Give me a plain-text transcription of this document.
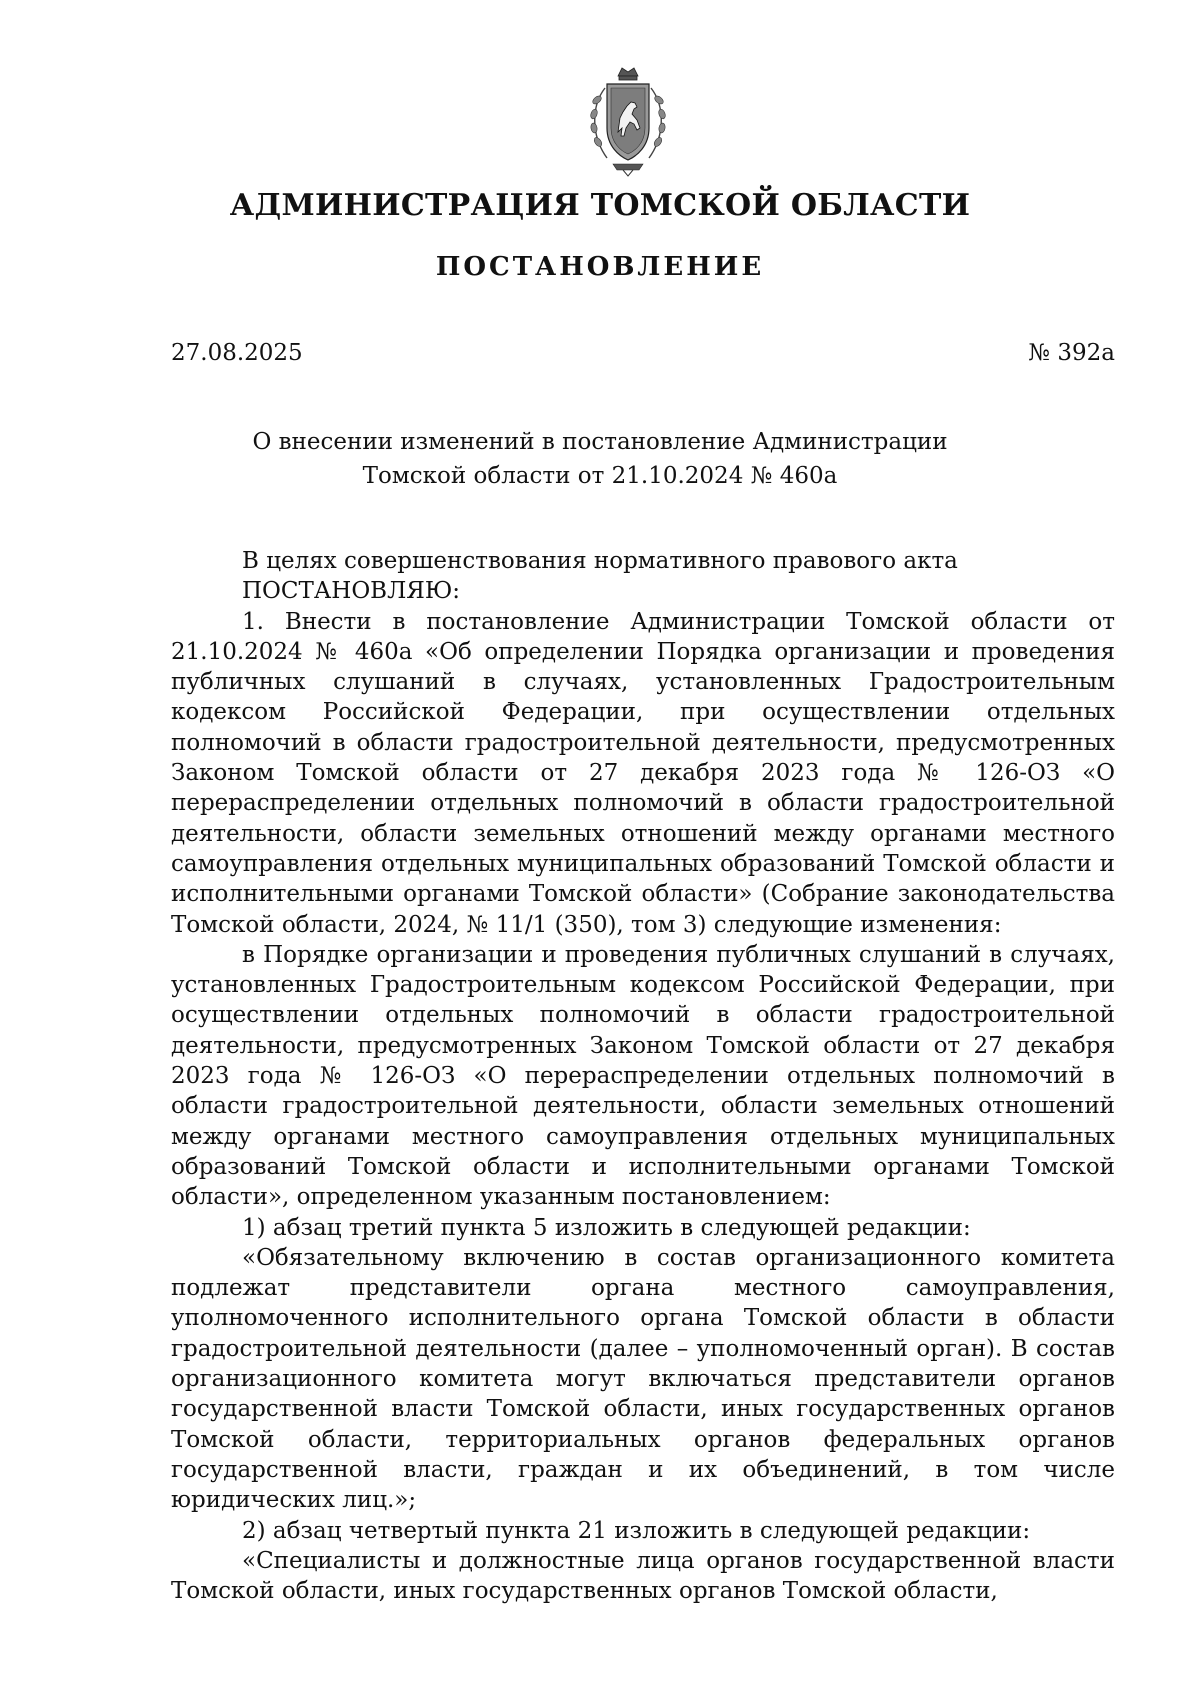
АДМИНИСТРАЦИЯ ТОМСКОЙ ОБЛАСТИ
ПОСТАНОВЛЕНИЕ
27.08.2025	№ 392а
О внесении изменений в постановление Администрации
Томской области от 21.10.2024 № 460а

В целях совершенствования нормативного правового акта

ПОСТАНОВЛЯЮ:

1. Внести в постановление Администрации Томской области от 21.10.2024 № 460а «Об определении Порядка организации и проведения публичных слушаний в случаях, установленных Градостроительным кодексом Российской Федерации, при осуществлении отдельных полномочий в области градостроительной деятельности, предусмотренных Законом Томской области от 27 декабря 2023 года № 126-ОЗ «О перераспределении отдельных полномочий в области градостроительной деятельности, области земельных отношений между органами местного самоуправления отдельных муниципальных образований Томской области и исполнительными органами Томской области» (Собрание законодательства Томской области, 2024, № 11/1 (350), том 3) следующие изменения:

в Порядке организации и проведения публичных слушаний в случаях, установленных Градостроительным кодексом Российской Федерации, при осуществлении отдельных полномочий в области градостроительной деятельности, предусмотренных Законом Томской области от 27 декабря 2023 года № 126-ОЗ «О перераспределении отдельных полномочий в области градостроительной деятельности, области земельных отношений между органами местного самоуправления отдельных муниципальных образований Томской области и исполнительными органами Томской области», определенном указанным постановлением:

1) абзац третий пункта 5 изложить в следующей редакции:

«Обязательному включению в состав организационного комитета подлежат представители органа местного самоуправления, уполномоченного исполнительного органа Томской области в области градостроительной деятельности (далее – уполномоченный орган). В состав организационного комитета могут включаться представители органов государственной власти Томской области, иных государственных органов Томской области, территориальных органов федеральных органов государственной власти, граждан и их объединений, в том числе юридических лиц.»;

2) абзац четвертый пункта 21 изложить в следующей редакции:

«Специалисты и должностные лица органов государственной власти Томской области, иных государственных органов Томской области,
